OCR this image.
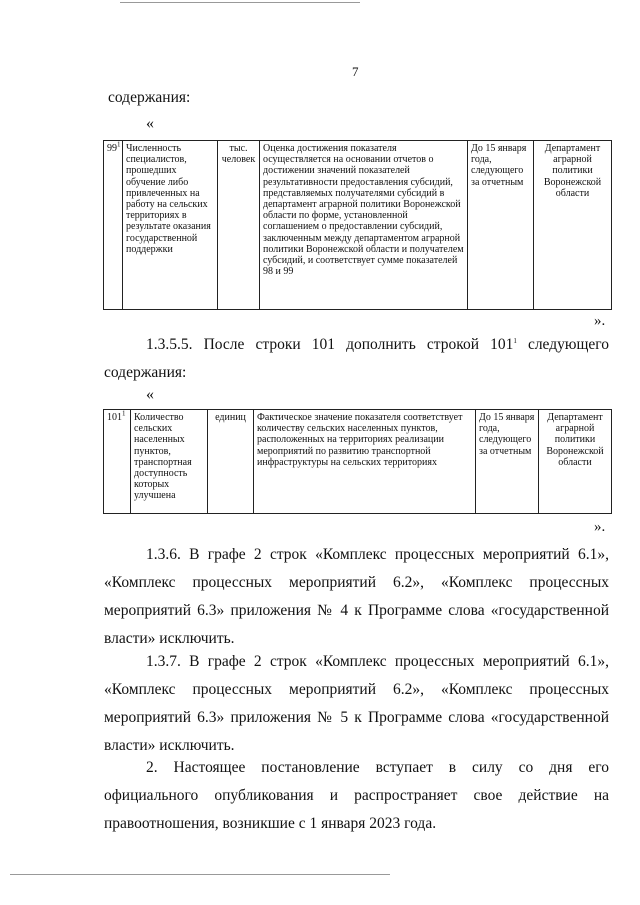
7
содержания:
«
$99^1$	Численность специалистов, прошедших обучение либо привлеченных на работу на сельских территориях в результате оказания государственной поддержки	тыс. человек	Оценка достижения показателя осуществляется на основании отчетов о достижении значений показателей результативности предоставления субсидий, представляемых получателями субсидий в департамент аграрной политики Воронежской области по форме, установленной соглашением о предоставлении субсидий, заключенным между департаментом аграрной политики Воронежской области и получателем субсидий, и соответствует сумме показателей 98 и 99	До 15 января года, следующего за отчетным	Департамент аграрной политики Воронежской области
».
1.3.5.5. После строки 101 дополнить строкой $101^1$ следующего содержания:
«
$101^1$	Количество сельских населенных пунктов, транспортная доступность которых улучшена	единиц	Фактическое значение показателя соответствует количеству сельских населенных пунктов, расположенных на территориях реализации мероприятий по развитию транспортной инфраструктуры на сельских территориях	До 15 января года, следующего за отчетным	Департамент аграрной политики Воронежской области
».
1.3.6. В графе 2 строк «Комплекс процессных мероприятий 6.1», «Комплекс процессных мероприятий 6.2», «Комплекс процессных мероприятий 6.3» приложения № 4 к Программе слова «государственной власти» исключить.
1.3.7. В графе 2 строк «Комплекс процессных мероприятий 6.1», «Комплекс процессных мероприятий 6.2», «Комплекс процессных мероприятий 6.3» приложения № 5 к Программе слова «государственной власти» исключить.
2. Настоящее постановление вступает в силу со дня его официального опубликования и распространяет свое действие на правоотношения, возникшие с 1 января 2023 года.
